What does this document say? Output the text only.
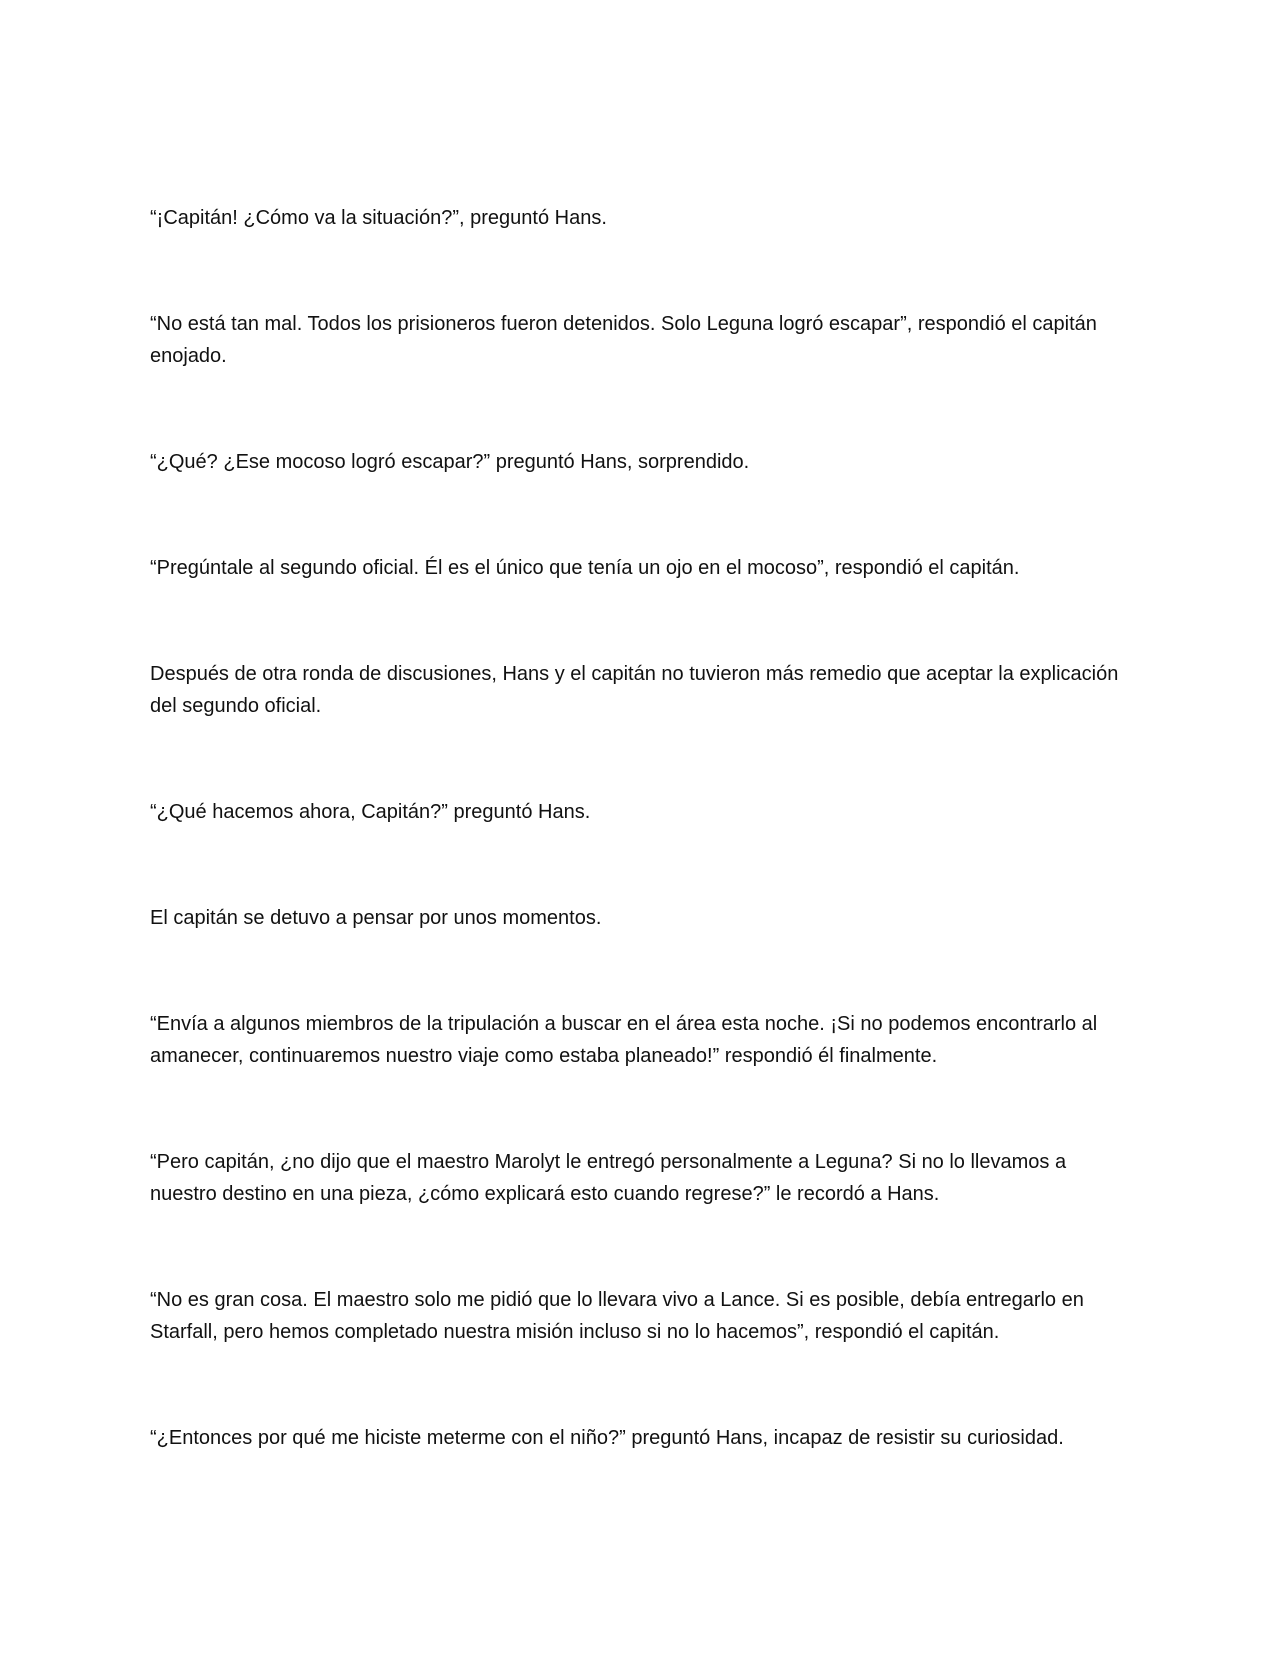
“¡Capitán! ¿Cómo va la situación?”, preguntó Hans.

“No está tan mal. Todos los prisioneros fueron detenidos. Solo Leguna logró escapar”, respondió el capitán enojado.

“¿Qué? ¿Ese mocoso logró escapar?” preguntó Hans, sorprendido.

“Pregúntale al segundo oficial. Él es el único que tenía un ojo en el mocoso”, respondió el capitán.

Después de otra ronda de discusiones, Hans y el capitán no tuvieron más remedio que aceptar la explicación del segundo oficial.

“¿Qué hacemos ahora, Capitán?” preguntó Hans.

El capitán se detuvo a pensar por unos momentos.

“Envía a algunos miembros de la tripulación a buscar en el área esta noche. ¡Si no podemos encontrarlo al amanecer, continuaremos nuestro viaje como estaba planeado!” respondió él finalmente.

“Pero capitán, ¿no dijo que el maestro Marolyt le entregó personalmente a Leguna? Si no lo llevamos a nuestro destino en una pieza, ¿cómo explicará esto cuando regrese?” le recordó a Hans.

“No es gran cosa. El maestro solo me pidió que lo llevara vivo a Lance. Si es posible, debía entregarlo en Starfall, pero hemos completado nuestra misión incluso si no lo hacemos”, respondió el capitán.

“¿Entonces por qué me hiciste meterme con el niño?” preguntó Hans, incapaz de resistir su curiosidad.
